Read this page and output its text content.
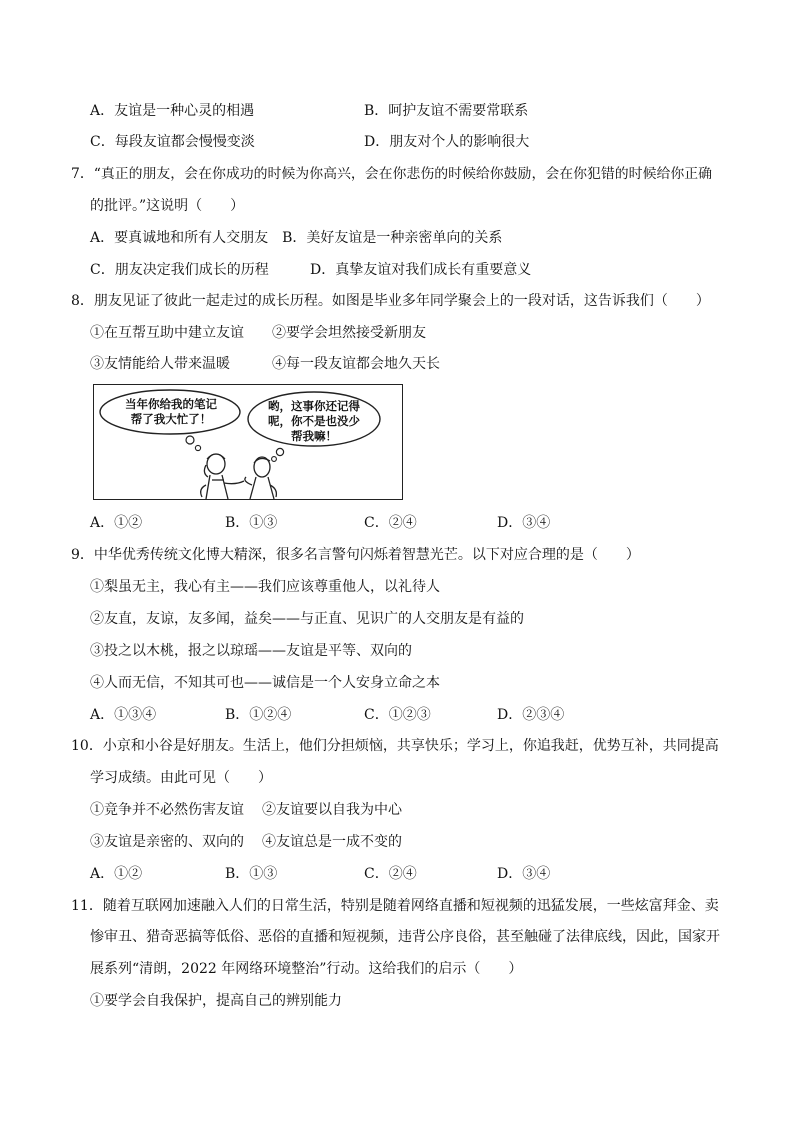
A．友谊是一种心灵的相遇	B．呵护友谊不需要常联系
C．每段友谊都会慢慢变淡	D．朋友对个人的影响很大
7．“真正的朋友，会在你成功的时候为你高兴，会在你悲伤的时候给你鼓励，会在你犯错的时候给你正确
的批评。”这说明（　　）
A．要真诚地和所有人交朋友　B．美好友谊是一种亲密单向的关系
C．朋友决定我们成长的历程	D．真挚友谊对我们成长有重要意义
8．朋友见证了彼此一起走过的成长历程。如图是毕业多年同学聚会上的一段对话，这告诉我们（　　）
①在互帮互助中建立友谊 ②要学会坦然接受新朋友
③友情能给人带来温暖	④每一段友谊都会地久天长
当年你给我的笔记
帮了我大忙了！
哟，这事你还记得
呢，你不是也没少
帮我嘛！
A．①②	B．①③	C．②④	D．③④
9．中华优秀传统文化博大精深，很多名言警句闪烁着智慧光芒。以下对应合理的是（　　）
①梨虽无主，我心有主——我们应该尊重他人，以礼待人
②友直，友谅，友多闻，益矣——与正直、见识广的人交朋友是有益的
③投之以木桃，报之以琼瑶——友谊是平等、双向的
④人而无信，不知其可也——诚信是一个人安身立命之本
A．①③④	B．①②④	C．①②③	D．②③④
10．小京和小谷是好朋友。生活上，他们分担烦恼，共享快乐；学习上，你追我赶，优势互补，共同提高
学习成绩。由此可见（　　）
①竞争并不必然伤害友谊 ②友谊要以自我为中心
③友谊是亲密的、双向的 ④友谊总是一成不变的
A．①②	B．①③	C．②④	D．③④
11．随着互联网加速融入人们的日常生活，特别是随着网络直播和短视频的迅猛发展，一些炫富拜金、卖
惨审丑、猎奇恶搞等低俗、恶俗的直播和短视频，违背公序良俗，甚至触碰了法律底线，因此，国家开
展系列“清朗，2022 年网络环境整治”行动。这给我们的启示（　　）
①要学会自我保护，提高自己的辨别能力
